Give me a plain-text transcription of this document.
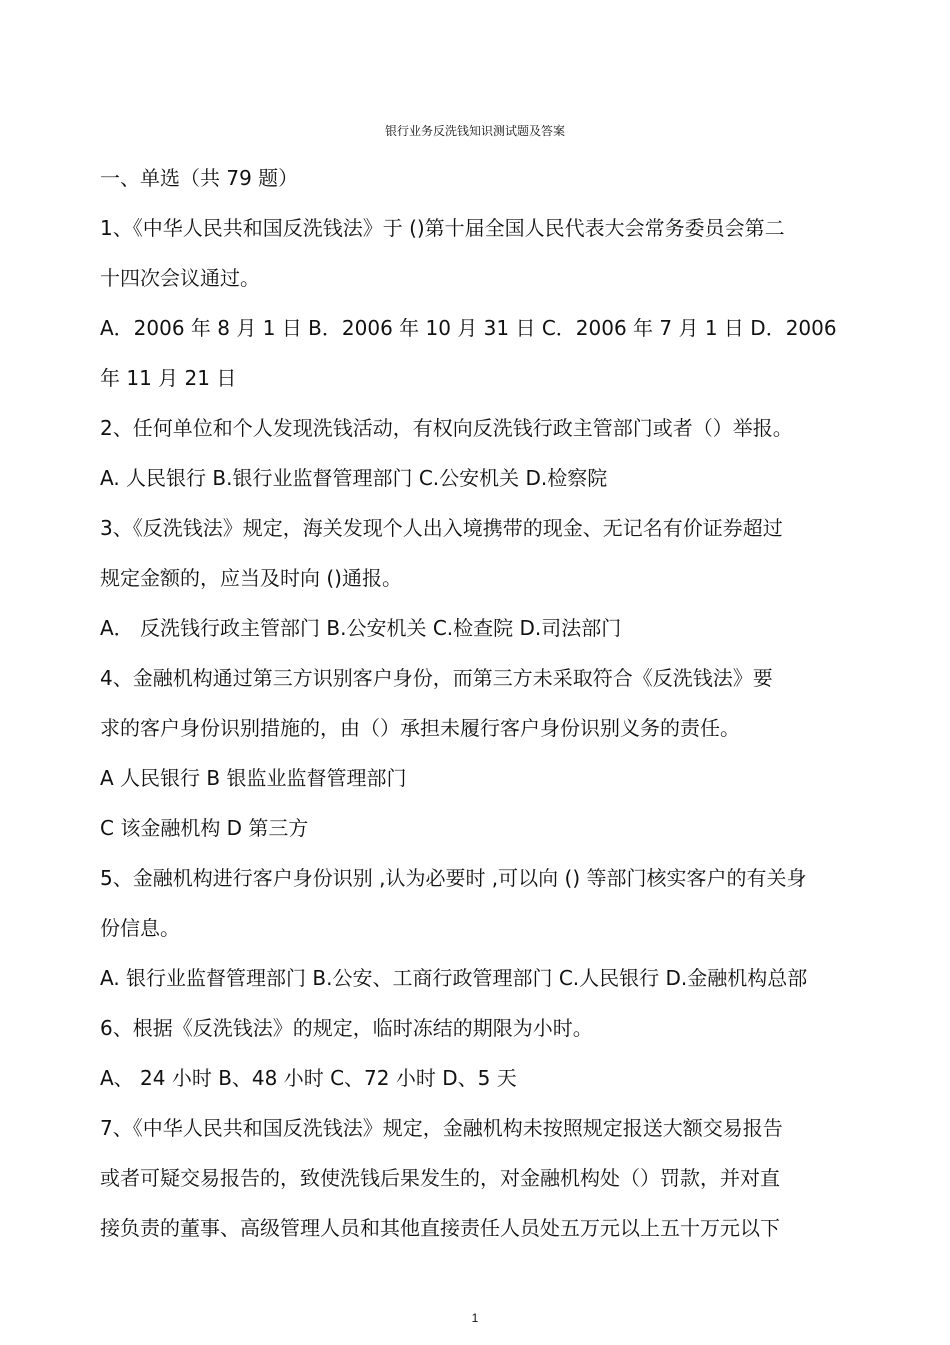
银行业务反洗钱知识测试题及答案
一、单选（共 79 题）
1、《中华人民共和国反洗钱法》于 ()第十届全国人民代表大会常务委员会第二
十四次会议通过。
A．2006 年 8 月 1 日 B．2006 年 10 月 31 日 C．2006 年 7 月 1 日 D．2006
年 11 月 21 日
2、任何单位和个人发现洗钱活动，有权向反洗钱行政主管部门或者（）举报。
A. 人民银行 B.银行业监督管理部门 C.公安机关 D.检察院
3、《反洗钱法》规定，海关发现个人出入境携带的现金、无记名有价证券超过
规定金额的，应当及时向 ()通报。
A． 反洗钱行政主管部门 B.公安机关 C.检查院 D.司法部门
4、金融机构通过第三方识别客户身份，而第三方未采取符合《反洗钱法》要
求的客户身份识别措施的，由（）承担未履行客户身份识别义务的责任。
A 人民银行 B 银监业监督管理部门
C 该金融机构 D 第三方
5、金融机构进行客户身份识别 ,认为必要时 ,可以向 () 等部门核实客户的有关身
份信息。
A. 银行业监督管理部门 B.公安、工商行政管理部门 C.人民银行 D.金融机构总部
6、根据《反洗钱法》的规定，临时冻结的期限为小时。
A、 24 小时 B、48 小时 C、72 小时 D、5 天
7、《中华人民共和国反洗钱法》规定，金融机构未按照规定报送大额交易报告
或者可疑交易报告的，致使洗钱后果发生的，对金融机构处（）罚款，并对直
接负责的董事、高级管理人员和其他直接责任人员处五万元以上五十万元以下
1
